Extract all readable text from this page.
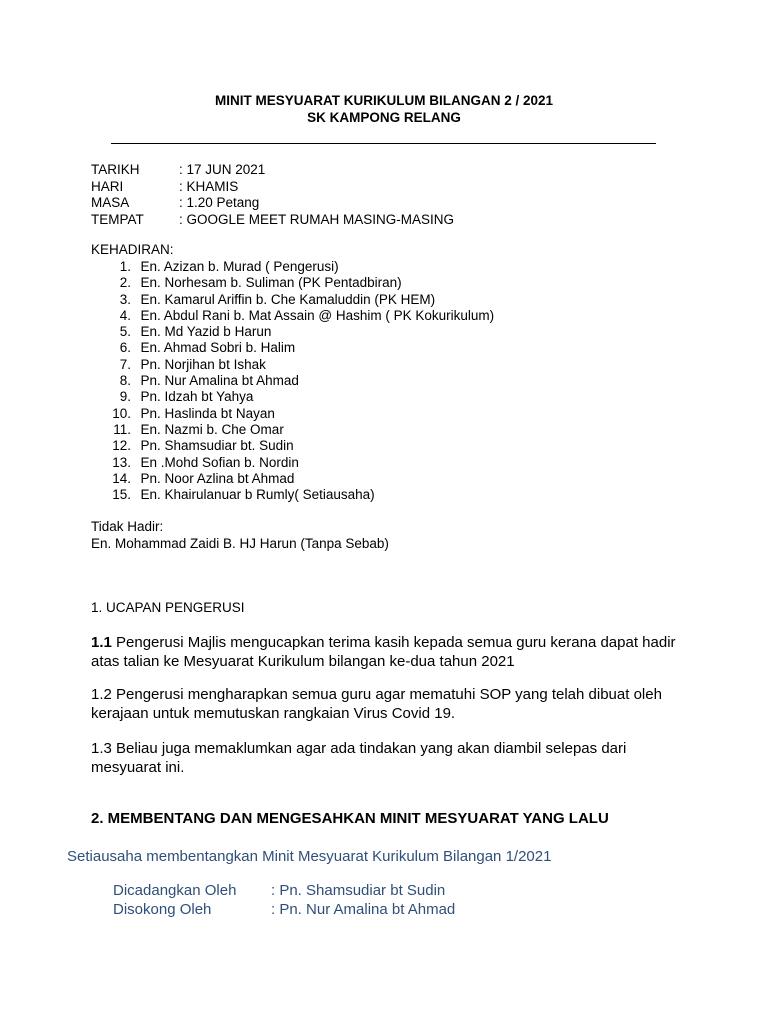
MINIT MESYUARAT KURIKULUM BILANGAN 2 / 2021
SK KAMPONG RELANG
TARIKH	: 17 JUN 2021
HARI	: KHAMIS
MASA	: 1.20 Petang
TEMPAT	: GOOGLE MEET RUMAH MASING-MASING
KEHADIRAN:
1.
En. Azizan b. Murad ( Pengerusi)
2.
En. Norhesam b. Suliman (PK Pentadbiran)
3.
En. Kamarul Ariffin b. Che Kamaluddin (PK HEM)
4.
En. Abdul Rani b. Mat Assain @ Hashim ( PK Kokurikulum)
5.
En. Md Yazid b Harun
6.
En. Ahmad Sobri b. Halim
7.
Pn. Norjihan bt Ishak
8.
Pn. Nur Amalina bt Ahmad
9.
Pn. Idzah bt Yahya
10.
Pn. Haslinda bt Nayan
11.
En. Nazmi b. Che Omar
12.
Pn. Shamsudiar bt. Sudin
13.
En .Mohd Sofian b. Nordin
14.
Pn. Noor Azlina bt Ahmad
15.
En. Khairulanuar b Rumly( Setiausaha)
Tidak Hadir:
En. Mohammad Zaidi B. HJ Harun (Tanpa Sebab)
1. UCAPAN PENGERUSI
1.1 Pengerusi Majlis mengucapkan terima kasih kepada semua guru kerana dapat hadir atas talian ke Mesyuarat Kurikulum bilangan ke-dua tahun 2021
1.2 Pengerusi mengharapkan semua guru agar mematuhi SOP yang telah dibuat oleh kerajaan untuk memutuskan rangkaian Virus Covid 19.
1.3 Beliau juga memaklumkan agar ada tindakan yang akan diambil selepas dari mesyuarat ini.
2. MEMBENTANG DAN MENGESAHKAN MINIT MESYUARAT YANG LALU
Setiausaha membentangkan Minit Mesyuarat Kurikulum Bilangan 1/2021
Dicadangkan Oleh	: Pn. Shamsudiar bt Sudin
Disokong Oleh	: Pn. Nur Amalina bt Ahmad
